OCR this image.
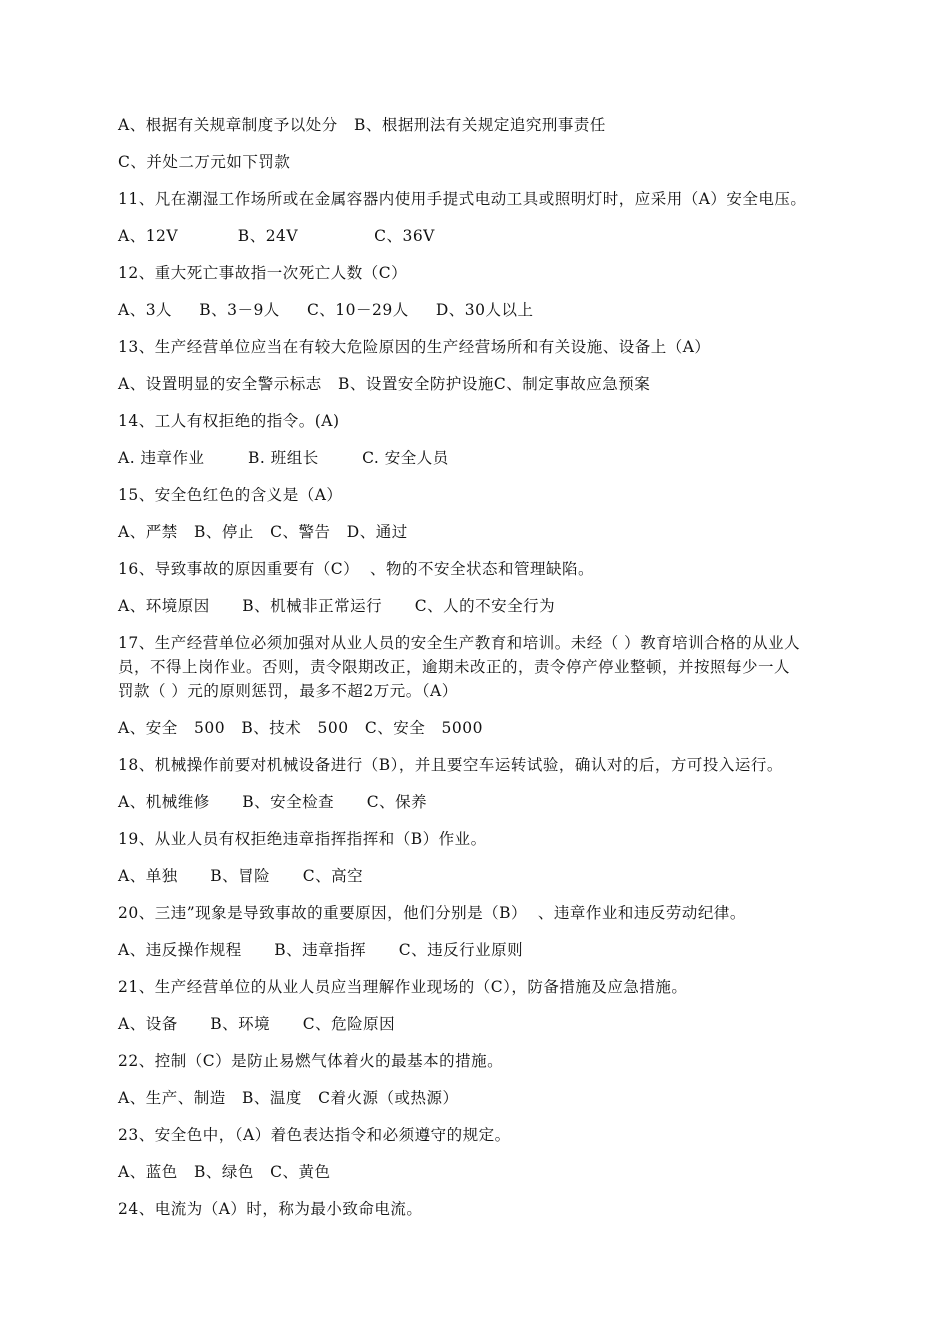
A、根据有关规章制度予以处分   B、根据刑法有关规定追究刑事责任

C、并处二万元如下罚款

11、凡在潮湿工作场所或在金属容器内使用手提式电动工具或照明灯时，应采用（A）安全电压。

A、12V           B、24V              C、36V

12、重大死亡事故指一次死亡人数（C）

A、3人     B、3－9人     C、10－29人     D、30人以上

13、生产经营单位应当在有较大危险原因的生产经营场所和有关设施、设备上（A）

A、设置明显的安全警示标志   B、设置安全防护设施C、制定事故应急预案

14、工人有权拒绝的指令。(A)

A. 违章作业        B. 班组长        C. 安全人员

15、安全色红色的含义是（A）

A、严禁   B、停止   C、警告   D、通过

16、导致事故的原因重要有（C）  、物的不安全状态和管理缺陷。

A、环境原因      B、机械非正常运行      C、人的不安全行为

17、生产经营单位必须加强对从业人员的安全生产教育和培训。未经（ ）教育培训合格的从业人

员，不得上岗作业。否则，责令限期改正，逾期未改正的，责令停产停业整顿，并按照每少一人

罚款（ ）元的原则惩罚，最多不超2万元。（A）

A、安全   500   B、技术   500   C、安全   5000

18、机械操作前要对机械设备进行（B），并且要空车运转试验，确认对的后，方可投入运行。

A、机械维修      B、安全检查      C、保养

19、从业人员有权拒绝违章指挥指挥和（B）作业。

A、单独      B、冒险      C、高空

20、三违”现象是导致事故的重要原因，他们分别是（B）  、违章作业和违反劳动纪律。

A、违反操作规程      B、违章指挥      C、违反行业原则

21、生产经营单位的从业人员应当理解作业现场的（C），防备措施及应急措施。

A、设备      B、环境      C、危险原因

22、控制（C）是防止易燃气体着火的最基本的措施。

A、生产、制造   B、温度   C着火源（或热源）

23、安全色中，（A）着色表达指令和必须遵守的规定。

A、蓝色   B、绿色   C、黄色

24、电流为（A）时，称为最小致命电流。
